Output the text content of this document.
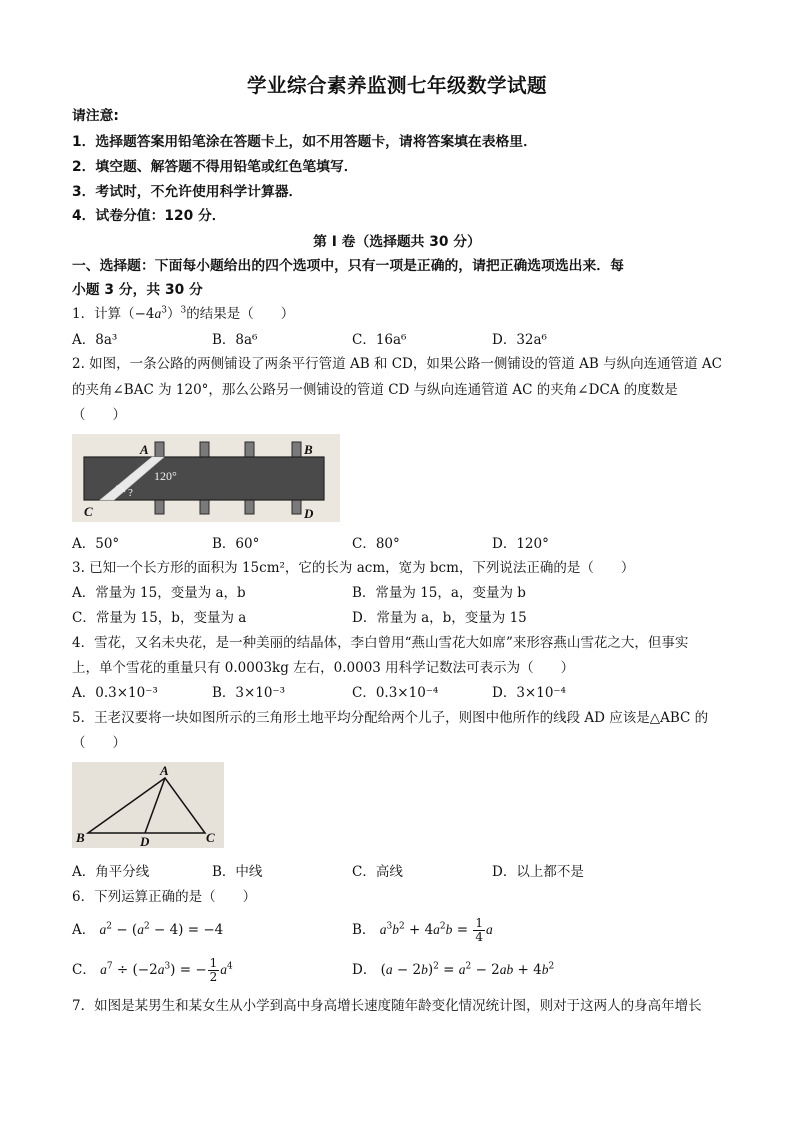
学业综合素养监测七年级数学试题
请注意:
1．选择题答案用铅笔涂在答题卡上，如不用答题卡，请将答案填在表格里．
2．填空题、解答题不得用铅笔或红色笔填写．
3．考试时，不允许使用科学计算器．
4．试卷分值：120 分．
第 I 卷（选择题共 30 分）
一、选择题：下面每小题给出的四个选项中，只有一项是正确的，请把正确选项选出来．每
小题 3 分，共 30 分
1．计算$(-4a^3)^3$的结果是（　　）
A．8a³	B．8a⁶	C．16a⁶	D．32a⁶
2. 如图，一条公路的两侧铺设了两条平行管道 AB 和 CD，如果公路一侧铺设的管道 AB 与纵向连通管道 AC
的夹角∠BAC 为 120°，那么公路另一侧铺设的管道 CD 与纵向连通管道 AC 的夹角∠DCA 的度数是
（　　）
A	B
C	D
120°
?
A．50°	B．60°	C．80°	D．120°
3. 已知一个长方形的面积为 15cm²，它的长为 acm，宽为 bcm，下列说法正确的是（　　）
A．常量为 15，变量为 a，b	B．常量为 15，a，变量为 b
C．常量为 15，b，变量为 a	D．常量为 a，b，变量为 15
4．雪花，又名未央花，是一种美丽的结晶体，李白曾用“燕山雪花大如席”来形容燕山雪花之大，但事实
上，单个雪花的重量只有 0.0003kg 左右，0.0003 用科学记数法可表示为（　　）
A．0.3×10⁻³	B．3×10⁻³	C．0.3×10⁻⁴	D．3×10⁻⁴
5．王老汉要将一块如图所示的三角形土地平均分配给两个儿子，则图中他所作的线段 AD 应该是△ABC 的
（　　）
A
B	C
D
A．角平分线	B．中线	C．高线	D．以上都不是
6．下列运算正确的是（　　）
A． $a^2 - (a^2 - 4) = -4$	B． $a^3b^2 + 4a^2b = \frac{1}{4}$ a
C． $a^7 \div (-2a^3)$ = − $\frac{1}{2} a^4$	D． $(a - 2b)^2 = a^2 - 2ab + 4b^2$
7．如图是某男生和某女生从小学到高中身高增长速度随年龄变化情况统计图，则对于这两人的身高年增长
